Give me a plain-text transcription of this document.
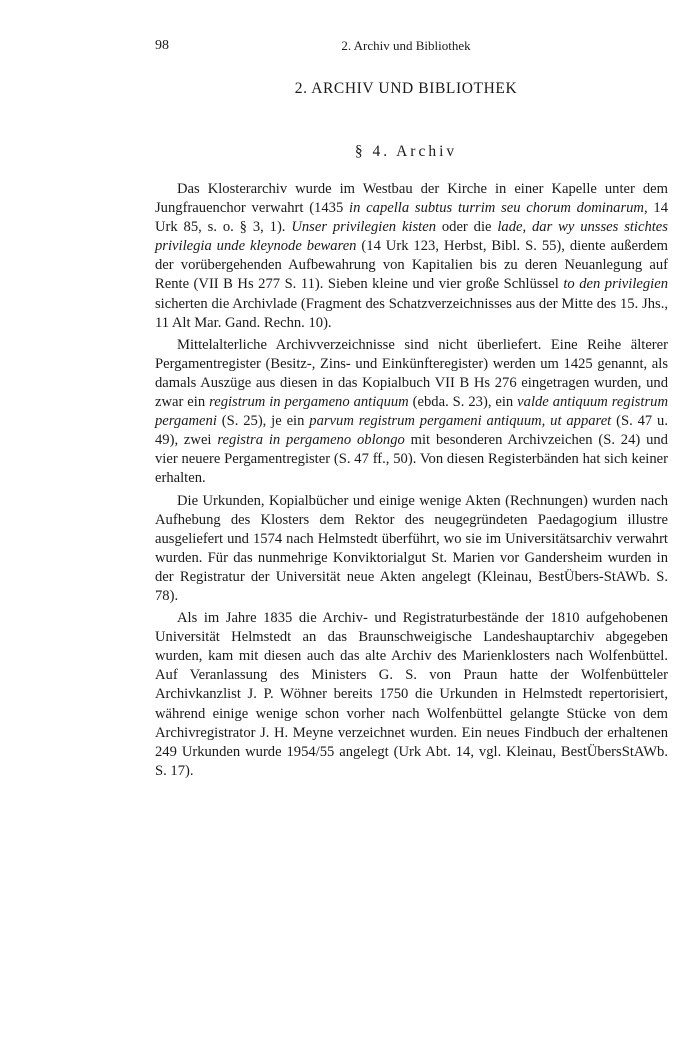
98	2. Archiv und Bibliothek
2. ARCHIV UND BIBLIOTHEK
§ 4. Archiv

Das Klosterarchiv wurde im Westbau der Kirche in einer Kapelle unter dem Jungfrauenchor verwahrt (1435 in capella subtus turrim seu chorum dominarum, 14 Urk 85, s. o. § 3, 1). Unser privilegien kisten oder die lade, dar wy unsses stichtes privilegia unde kleynode bewaren (14 Urk 123, Herbst, Bibl. S. 55), diente außerdem der vorübergehenden Aufbewahrung von Kapitalien bis zu deren Neuanlegung auf Rente (VII B Hs 277 S. 11). Sieben kleine und vier große Schlüssel to den privilegien sicherten die Archivlade (Fragment des Schatzverzeichnisses aus der Mitte des 15. Jhs., 11 Alt Mar. Gand. Rechn. 10).

Mittelalterliche Archivverzeichnisse sind nicht überliefert. Eine Reihe älterer Pergamentregister (Besitz-, Zins- und Einkünfteregister) werden um 1425 genannt, als damals Auszüge aus diesen in das Kopialbuch VII B Hs 276 eingetragen wurden, und zwar ein registrum in pergameno antiquum (ebda. S. 23), ein valde antiquum registrum pergameni (S. 25), je ein parvum registrum pergameni antiquum, ut apparet (S. 47 u. 49), zwei registra in pergameno oblongo mit besonderen Archivzeichen (S. 24) und vier neuere Pergamentregister (S. 47 ff., 50). Von diesen Registerbänden hat sich keiner erhalten.

Die Urkunden, Kopialbücher und einige wenige Akten (Rechnungen) wurden nach Aufhebung des Klosters dem Rektor des neugegründeten Paedagogium illustre ausgeliefert und 1574 nach Helmstedt überführt, wo sie im Universitätsarchiv verwahrt wurden. Für das nunmehrige Konviktorialgut St. Marien vor Gandersheim wurden in der Registratur der Universität neue Akten angelegt (Kleinau, BestÜbers-StAWb. S. 78).

Als im Jahre 1835 die Archiv- und Registraturbestände der 1810 aufgehobenen Universität Helmstedt an das Braunschweigische Landeshauptarchiv abgegeben wurden, kam mit diesen auch das alte Archiv des Marienklosters nach Wolfenbüttel. Auf Veranlassung des Ministers G. S. von Praun hatte der Wolfenbütteler Archivkanzlist J. P. Wöhner bereits 1750 die Urkunden in Helmstedt repertorisiert, während einige wenige schon vorher nach Wolfenbüttel gelangte Stücke von dem Archivregistrator J. H. Meyne verzeichnet wurden. Ein neues Findbuch der erhaltenen 249 Urkunden wurde 1954/55 angelegt (Urk Abt. 14, vgl. Kleinau, BestÜbersStAWb. S. 17).
